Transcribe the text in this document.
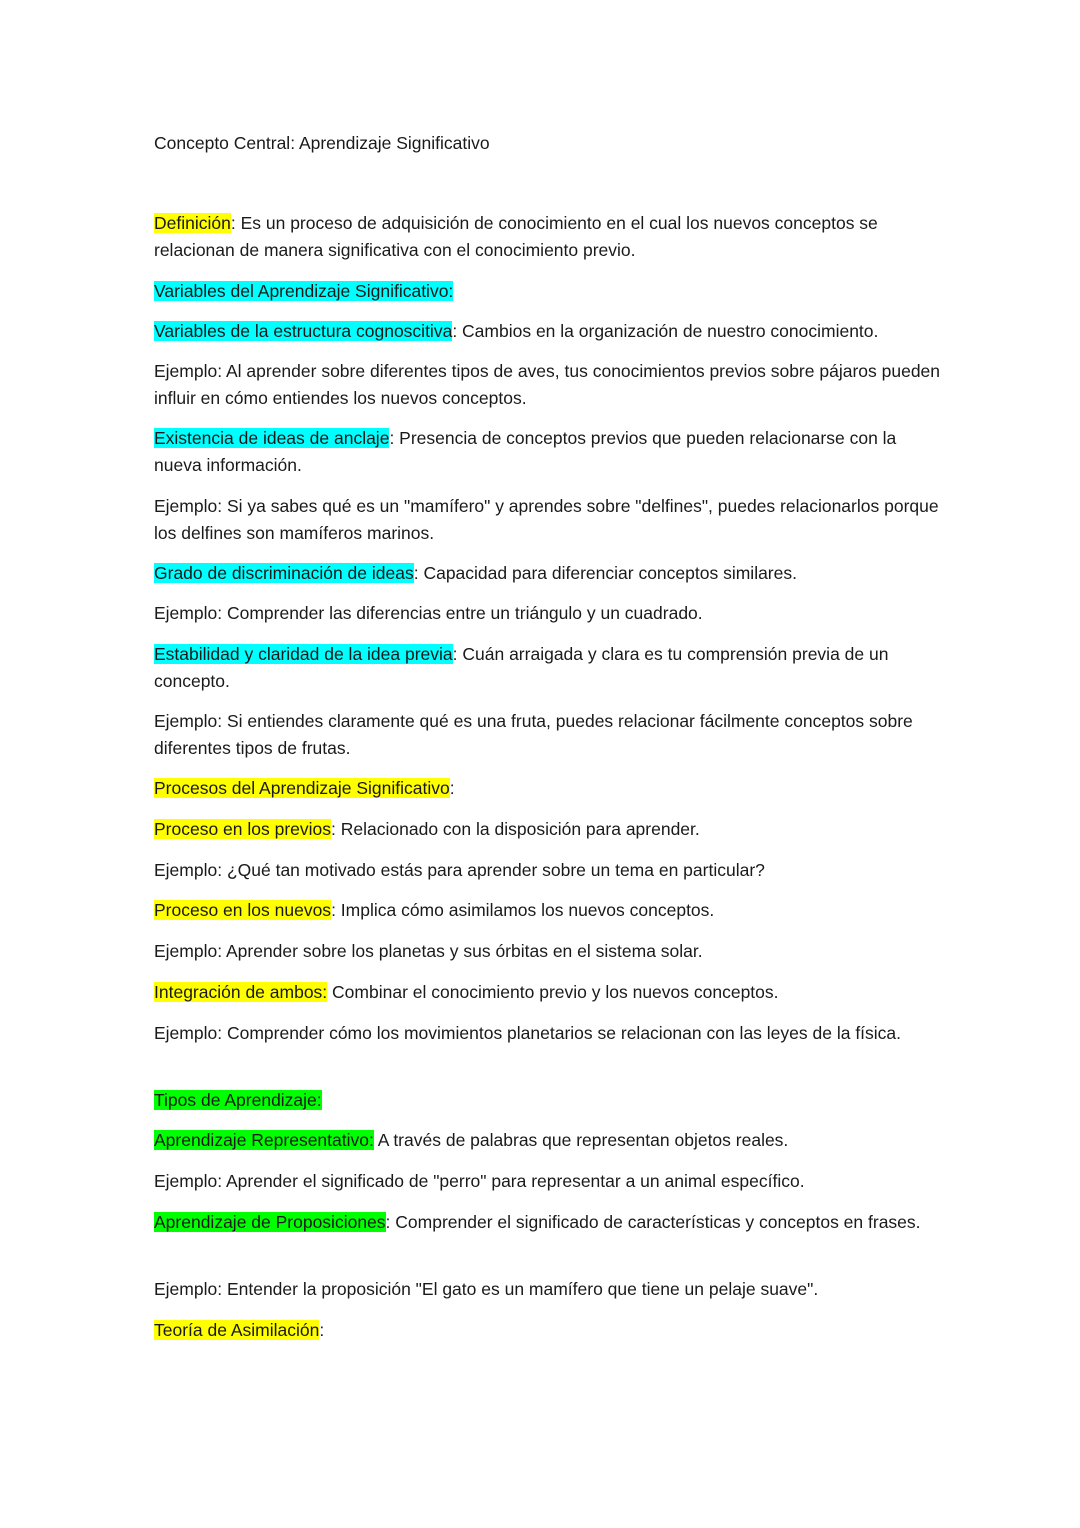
Concepto Central: Aprendizaje Significativo

Definición: Es un proceso de adquisición de conocimiento en el cual los nuevos conceptos se relacionan de manera significativa con el conocimiento previo.

Variables del Aprendizaje Significativo:

Variables de la estructura cognoscitiva: Cambios en la organización de nuestro conocimiento.

Ejemplo: Al aprender sobre diferentes tipos de aves, tus conocimientos previos sobre pájaros pueden influir en cómo entiendes los nuevos conceptos.

Existencia de ideas de anclaje: Presencia de conceptos previos que pueden relacionarse con la nueva información.

Ejemplo: Si ya sabes qué es un "mamífero" y aprendes sobre "delfines", puedes relacionarlos porque los delfines son mamíferos marinos.

Grado de discriminación de ideas: Capacidad para diferenciar conceptos similares.

Ejemplo: Comprender las diferencias entre un triángulo y un cuadrado.

Estabilidad y claridad de la idea previa: Cuán arraigada y clara es tu comprensión previa de un concepto.

Ejemplo: Si entiendes claramente qué es una fruta, puedes relacionar fácilmente conceptos sobre diferentes tipos de frutas.

Procesos del Aprendizaje Significativo:

Proceso en los previos: Relacionado con la disposición para aprender.

Ejemplo: ¿Qué tan motivado estás para aprender sobre un tema en particular?

Proceso en los nuevos: Implica cómo asimilamos los nuevos conceptos.

Ejemplo: Aprender sobre los planetas y sus órbitas en el sistema solar.

Integración de ambos: Combinar el conocimiento previo y los nuevos conceptos.

Ejemplo: Comprender cómo los movimientos planetarios se relacionan con las leyes de la física.

Tipos de Aprendizaje:

Aprendizaje Representativo: A través de palabras que representan objetos reales.

Ejemplo: Aprender el significado de "perro" para representar a un animal específico.

Aprendizaje de Proposiciones: Comprender el significado de características y conceptos en frases.

Ejemplo: Entender la proposición "El gato es un mamífero que tiene un pelaje suave".

Teoría de Asimilación:
